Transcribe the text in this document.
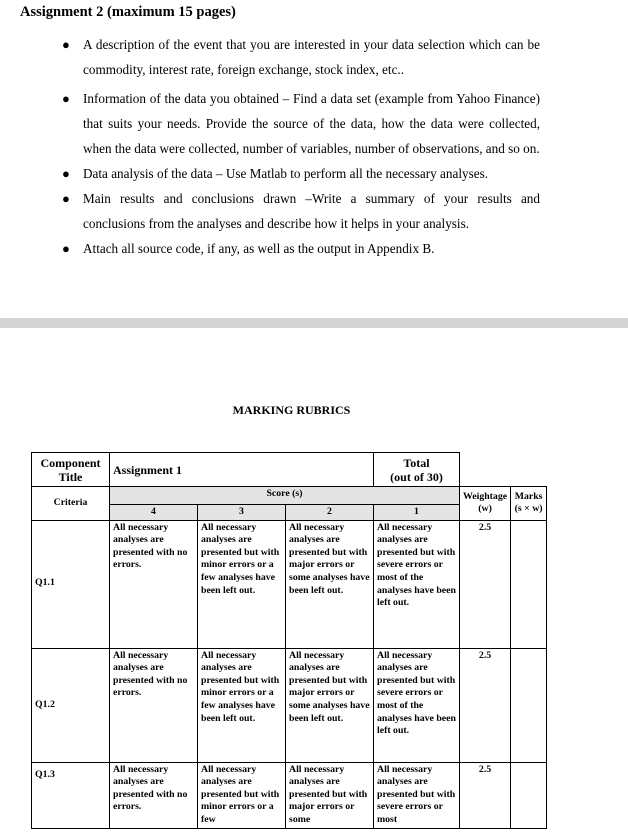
Assignment 2 (maximum 15 pages)
● A description of the event that you are interested in your data selection which can be commodity, interest rate, foreign exchange, stock index, etc..
● Information of the data you obtained – Find a data set (example from Yahoo Finance) that suits your needs. Provide the source of the data, how the data were collected, when the data were collected, number of variables, number of observations, and so on.
● Data analysis of the data – Use Matlab to perform all the necessary analyses.
● Main results and conclusions drawn –Write a summary of your results and conclusions from the analyses and describe how it helps in your analysis.
● Attach all source code, if any, as well as the output in Appendix B.
MARKING RUBRICS
Component Title	Assignment 1			Total
(out of 30)		

Criteria	Score (s)				Weightage (w)	Marks (s × w)
	4	3	2	1		
Q1.1	All necessary analyses are presented with no errors.	All necessary analyses are presented but with minor errors or a few analyses have been left out.	All necessary analyses are presented but with major errors or some analyses have been left out.	All necessary analyses are presented but with severe errors or most of the analyses have been left out.	2.5	
Q1.2	All necessary analyses are presented with no errors.	All necessary analyses are presented but with minor errors or a few analyses have been left out.	All necessary analyses are presented but with major errors or some analyses have been left out.	All necessary analyses are presented but with severe errors or most of the analyses have been left out.	2.5	
Q1.3	All necessary analyses are presented with no errors.	All necessary analyses are presented but with minor errors or a few	All necessary analyses are presented but with major errors or some	All necessary analyses are presented but with severe errors or most	2.5	
